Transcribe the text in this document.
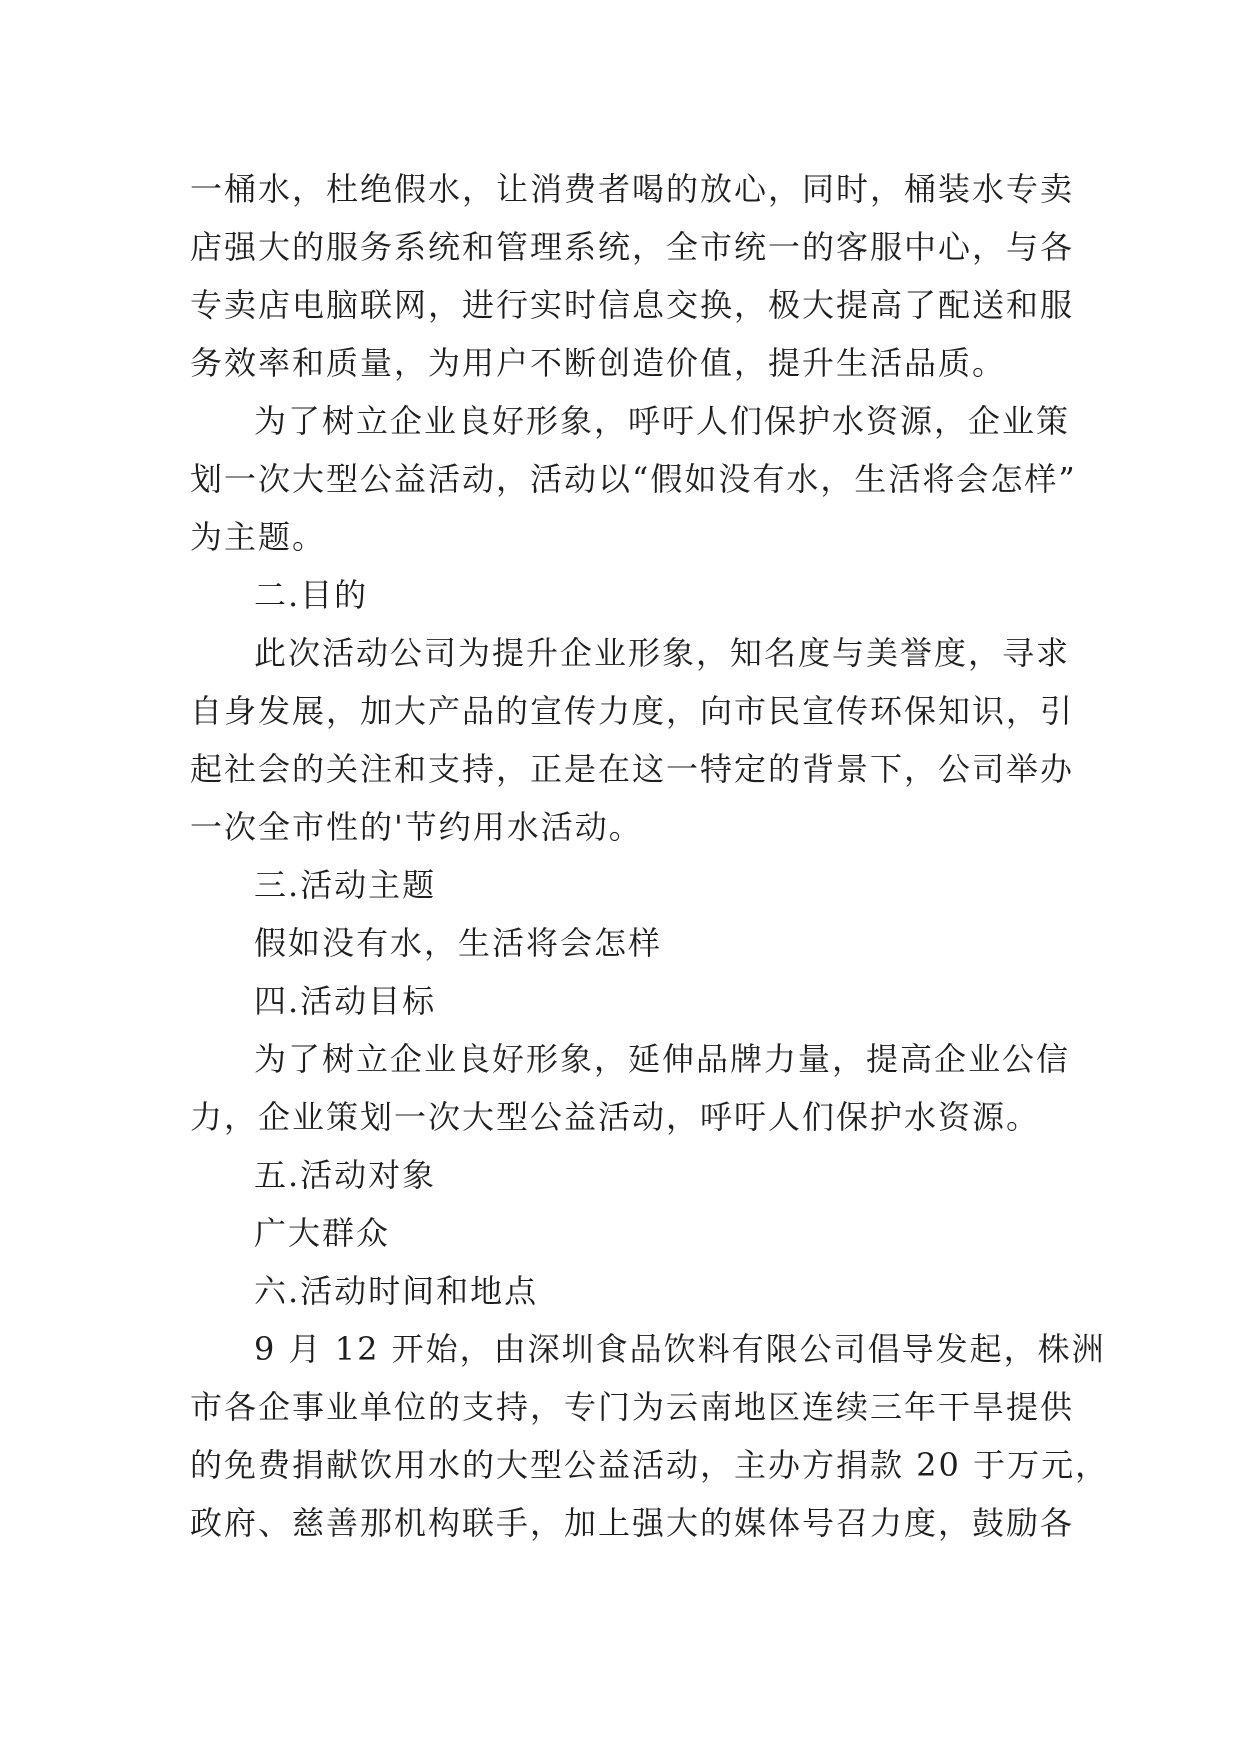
一桶水，杜绝假水，让消费者喝的放心，同时，桶装水专卖
店强大的服务系统和管理系统，全市统一的客服中心，与各
专卖店电脑联网，进行实时信息交换，极大提高了配送和服
务效率和质量，为用户不断创造价值，提升生活品质。
为了树立企业良好形象，呼吁人们保护水资源，企业策
划一次大型公益活动，活动以“假如没有水，生活将会怎样”
为主题。
二.目的
此次活动公司为提升企业形象，知名度与美誉度，寻求
自身发展，加大产品的宣传力度，向市民宣传环保知识，引
起社会的关注和支持，正是在这一特定的背景下，公司举办
一次全市性的'节约用水活动。
三.活动主题
假如没有水，生活将会怎样
四.活动目标
为了树立企业良好形象，延伸品牌力量，提高企业公信
力，企业策划一次大型公益活动，呼吁人们保护水资源。
五.活动对象
广大群众
六.活动时间和地点
9 月 12 开始，由深圳食品饮料有限公司倡导发起，株洲
市各企事业单位的支持，专门为云南地区连续三年干旱提供
的免费捐献饮用水的大型公益活动，主办方捐款 20 于万元，
政府、慈善那机构联手，加上强大的媒体号召力度，鼓励各
